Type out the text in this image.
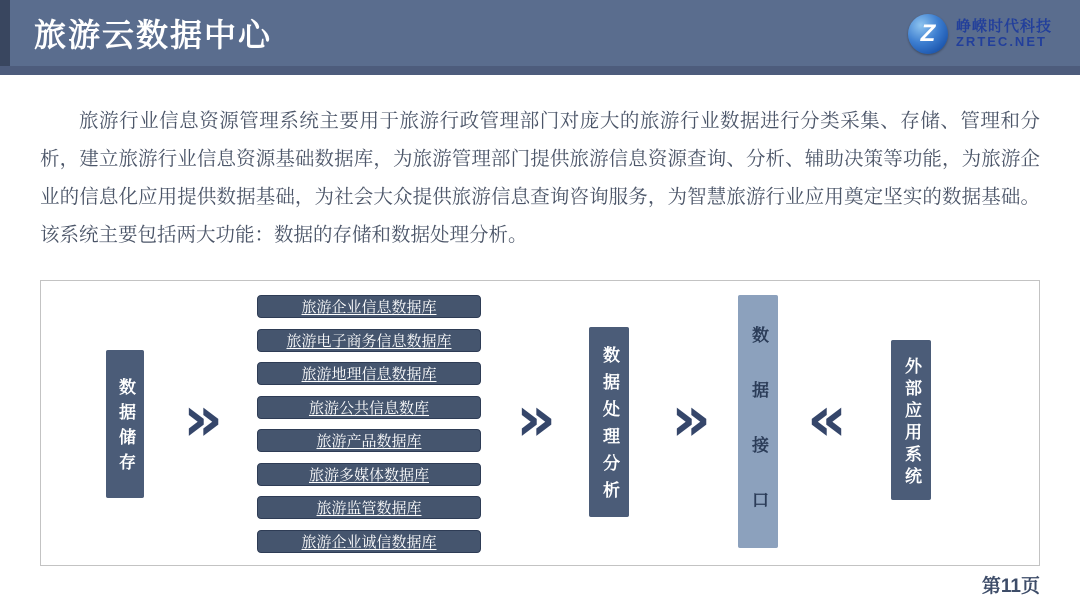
旅游云数据中心	Z	峥嵘时代科技
ZRTEC.NET

旅游行业信息资源管理系统主要用于旅游行政管理部门对庞大的旅游行业数据进行分类采集、存储、管理和分析，建立旅游行业信息资源基础数据库，为旅游管理部门提供旅游信息资源查询、分析、辅助决策等功能，为旅游企业的信息化应用提供数据基础，为社会大众提供旅游信息查询咨询服务，为智慧旅游行业应用奠定坚实的数据基础。该系统主要包括两大功能：数据的存储和数据处理分析。

数据储存 »
旅游企业信息数据库
旅游电子商务信息数据库
旅游地理信息数据库
旅游公共信息数库
旅游产品数据库
旅游多媒体数据库
旅游监管数据库
旅游企业诚信数据库
»	数据处理分析 »	数据接口 «	外部应用系统
第11页
